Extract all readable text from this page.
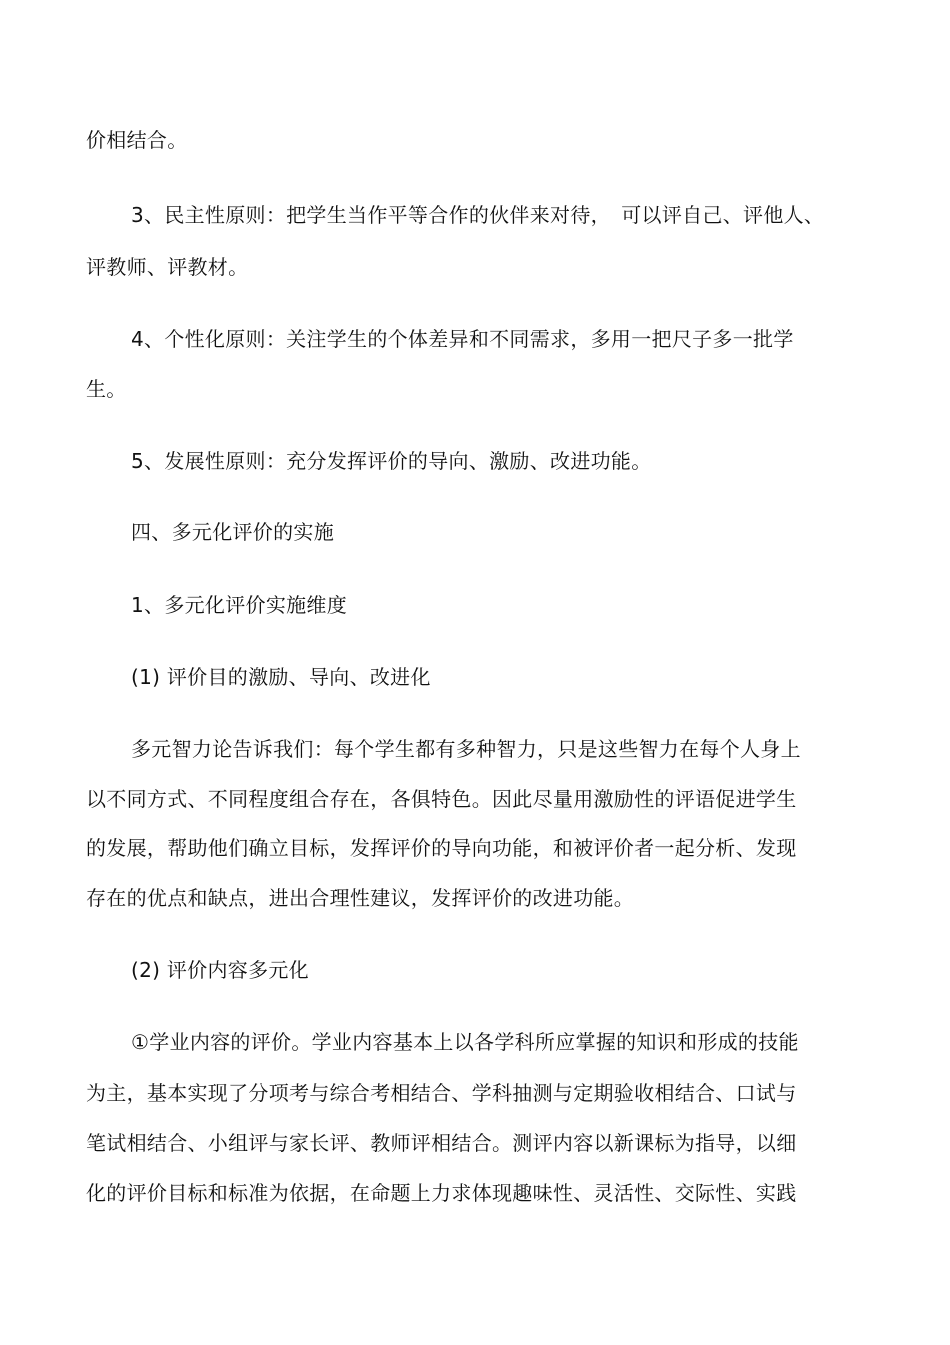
价相结合。
3、民主性原则：把学生当作平等合作的伙伴来对待，　可以评自己、评他人、
评教师、评教材。
4、个性化原则：关注学生的个体差异和不同需求，多用一把尺子多一批学
生。
5、发展性原则：充分发挥评价的导向、激励、改进功能。
四、多元化评价的实施
1、多元化评价实施维度
(1) 评价目的激励、导向、改进化
多元智力论告诉我们：每个学生都有多种智力，只是这些智力在每个人身上
以不同方式、不同程度组合存在，各俱特色。因此尽量用激励性的评语促进学生
的发展，帮助他们确立目标，发挥评价的导向功能，和被评价者一起分析、发现
存在的优点和缺点，进出合理性建议，发挥评价的改进功能。
(2) 评价内容多元化
①学业内容的评价。学业内容基本上以各学科所应掌握的知识和形成的技能
为主，基本实现了分项考与综合考相结合、学科抽测与定期验收相结合、口试与
笔试相结合、小组评与家长评、教师评相结合。测评内容以新课标为指导，以细
化的评价目标和标准为依据，在命题上力求体现趣味性、灵活性、交际性、实践
